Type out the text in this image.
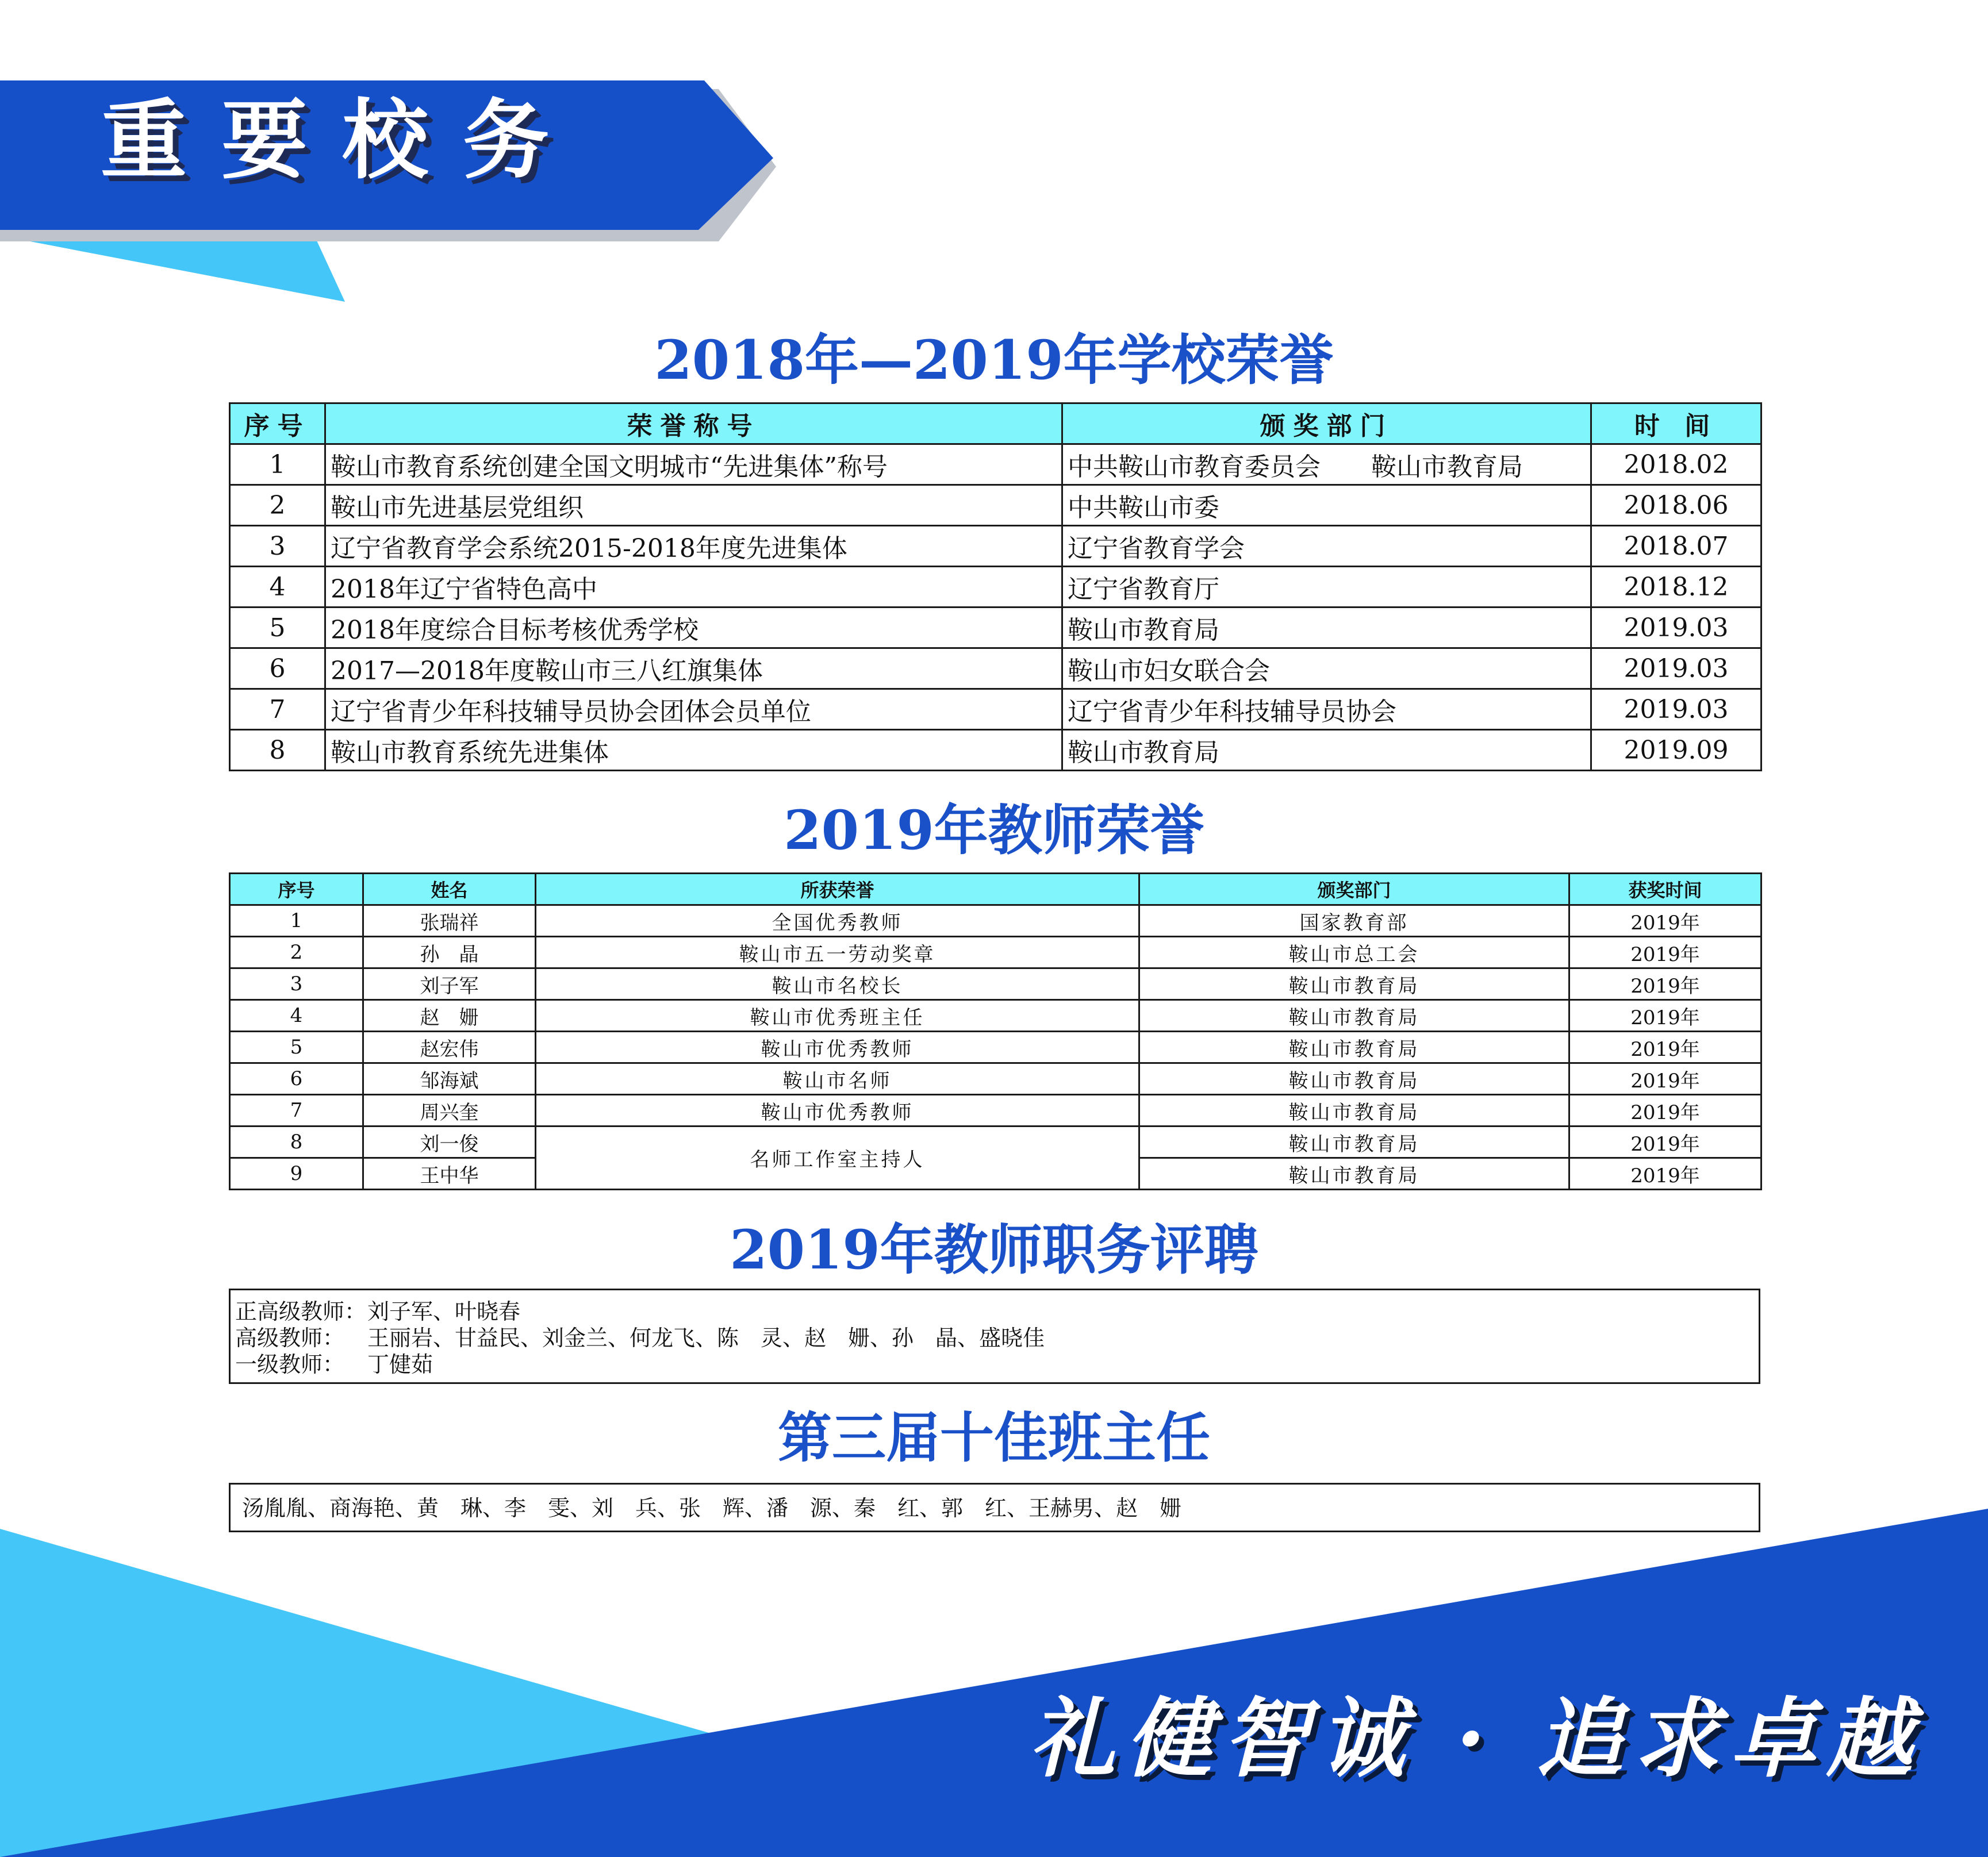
重要校务
2018年—2019年学校荣誉
序号	荣誉称号	颁奖部门	时 间
1	鞍山市教育系统创建全国文明城市“先进集体”称号	中共鞍山市教育委员会　　鞍山市教育局	2018.02
2	鞍山市先进基层党组织	中共鞍山市委	2018.06
3	辽宁省教育学会系统2015-2018年度先进集体	辽宁省教育学会	2018.07
4	2018年辽宁省特色高中	辽宁省教育厅	2018.12
5	2018年度综合目标考核优秀学校	鞍山市教育局	2019.03
6	2017—2018年度鞍山市三八红旗集体	鞍山市妇女联合会	2019.03
7	辽宁省青少年科技辅导员协会团体会员单位	辽宁省青少年科技辅导员协会	2019.03
8	鞍山市教育系统先进集体	鞍山市教育局	2019.09
2019年教师荣誉
序号	姓名	所获荣誉	颁奖部门	获奖时间
1	张瑞祥	全国优秀教师	国家教育部	2019年
2	孙　晶	鞍山市五一劳动奖章	鞍山市总工会	2019年
3	刘子军	鞍山市名校长	鞍山市教育局	2019年
4	赵　姗	鞍山市优秀班主任	鞍山市教育局	2019年
5	赵宏伟	鞍山市优秀教师	鞍山市教育局	2019年
6	邹海斌	鞍山市名师	鞍山市教育局	2019年
7	周兴奎	鞍山市优秀教师	鞍山市教育局	2019年
8	刘一俊	名师工作室主持人	鞍山市教育局	2019年
9	王中华		鞍山市教育局	2019年
2019年教师职务评聘
正高级教师： 刘子军、叶晓春
高级教师：	王丽岩、甘益民、刘金兰、何龙飞、陈　灵、赵　姗、孙　晶、盛晓佳
一级教师：	丁健茹
第三届十佳班主任
汤胤胤、商海艳、黄　琳、李　雯、刘　兵、张　辉、潘　源、秦　红、郭　红、王赫男、赵　姗
礼健智诚 · 追求卓越
